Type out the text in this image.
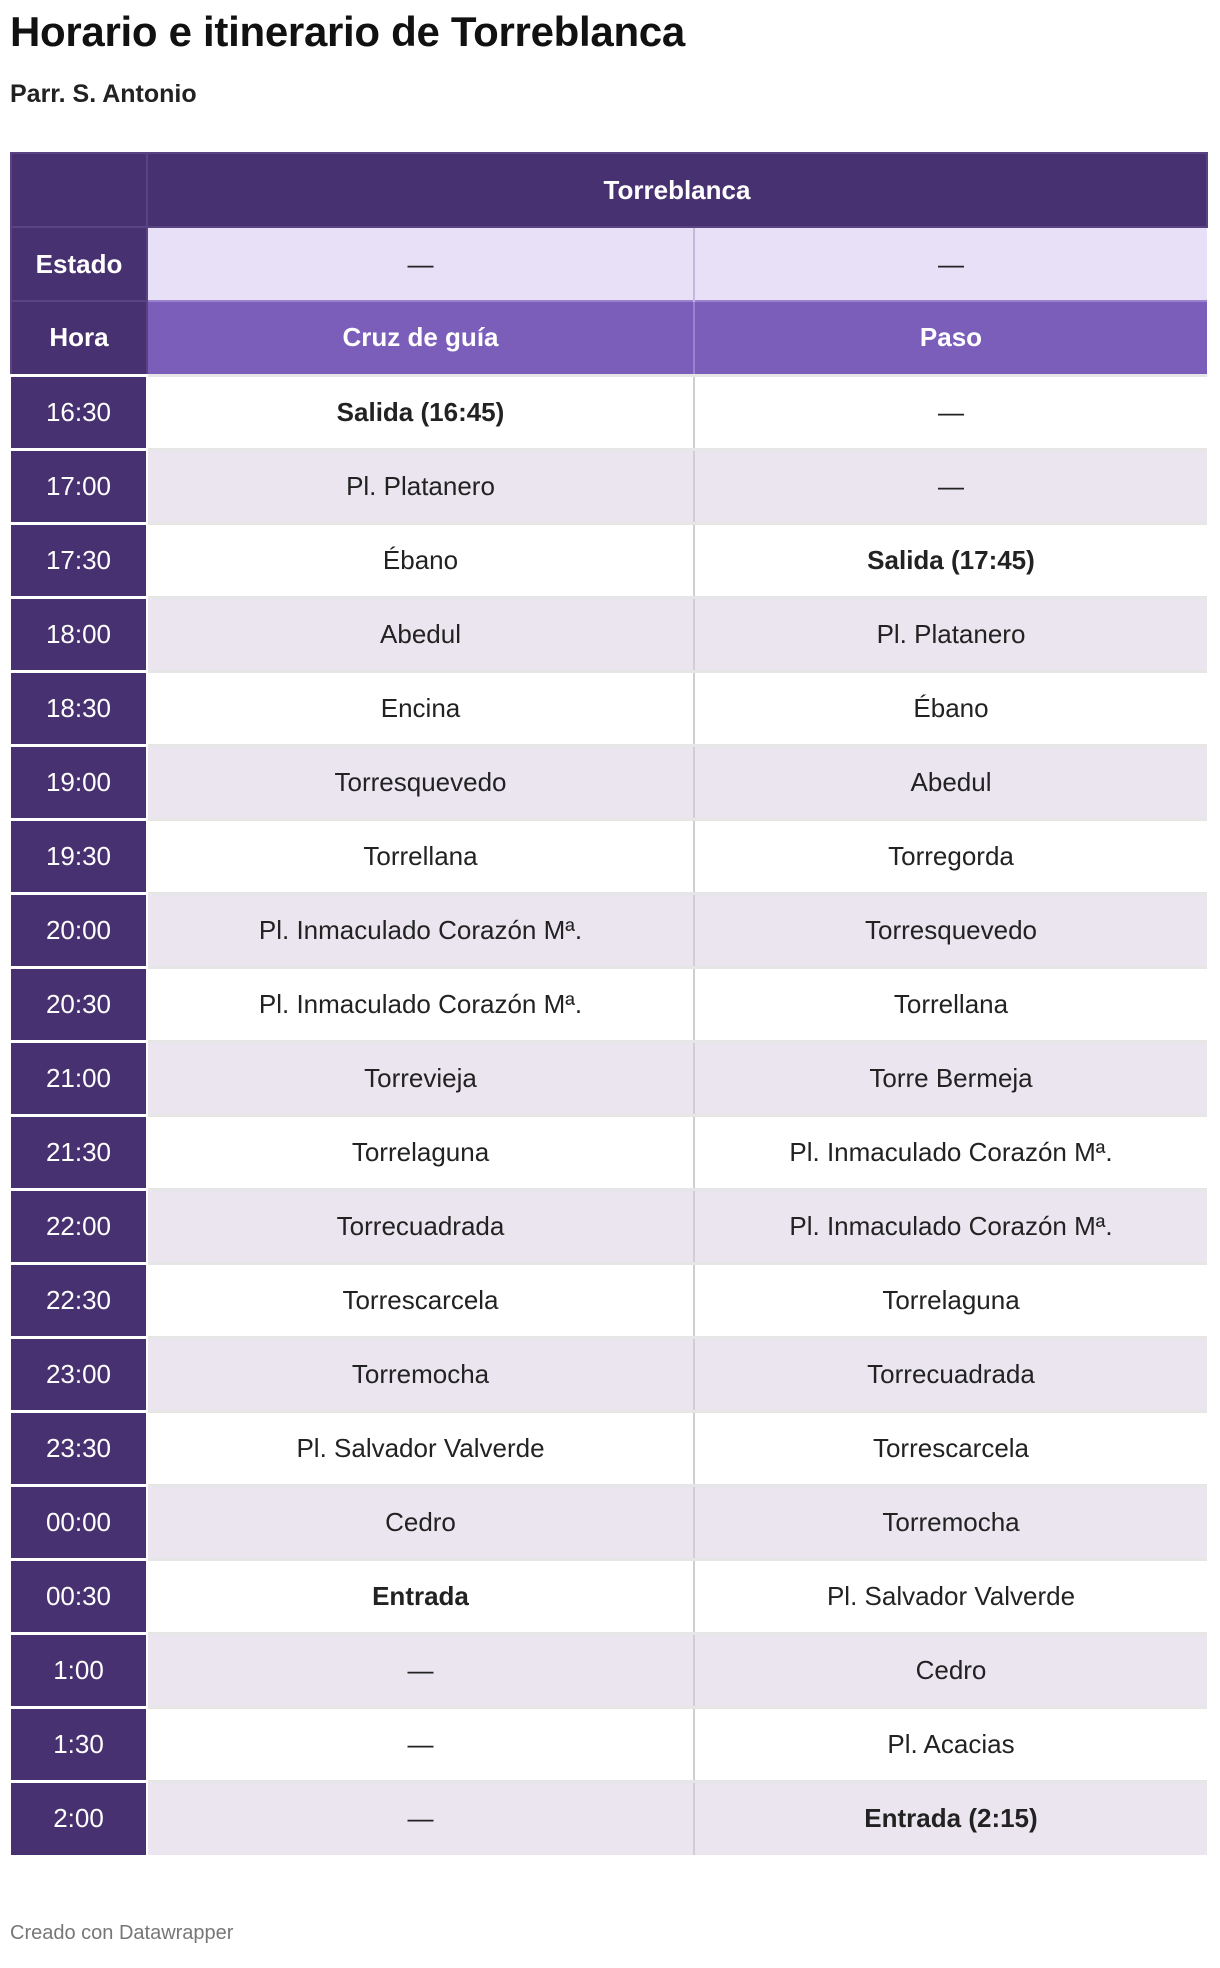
Horario e itinerario de Torreblanca
Parr. S. Antonio
	Torreblanca	
Estado	—	—
Hora	Cruz de guía	Paso
16:30	Salida (16:45)	—
17:00	Pl. Platanero	—
17:30	Ébano	Salida (17:45)
18:00	Abedul	Pl. Platanero
18:30	Encina	Ébano
19:00	Torresquevedo	Abedul
19:30	Torrellana	Torregorda
20:00	Pl. Inmaculado Corazón Mª.	Torresquevedo
20:30	Pl. Inmaculado Corazón Mª.	Torrellana
21:00	Torrevieja	Torre Bermeja
21:30	Torrelaguna	Pl. Inmaculado Corazón Mª.
22:00	Torrecuadrada	Pl. Inmaculado Corazón Mª.
22:30	Torrescarcela	Torrelaguna
23:00	Torremocha	Torrecuadrada
23:30	Pl. Salvador Valverde	Torrescarcela
00:00	Cedro	Torremocha
00:30	Entrada	Pl. Salvador Valverde
1:00	—	Cedro
1:30	—	Pl. Acacias
2:00	—	Entrada (2:15)
Creado con Datawrapper
